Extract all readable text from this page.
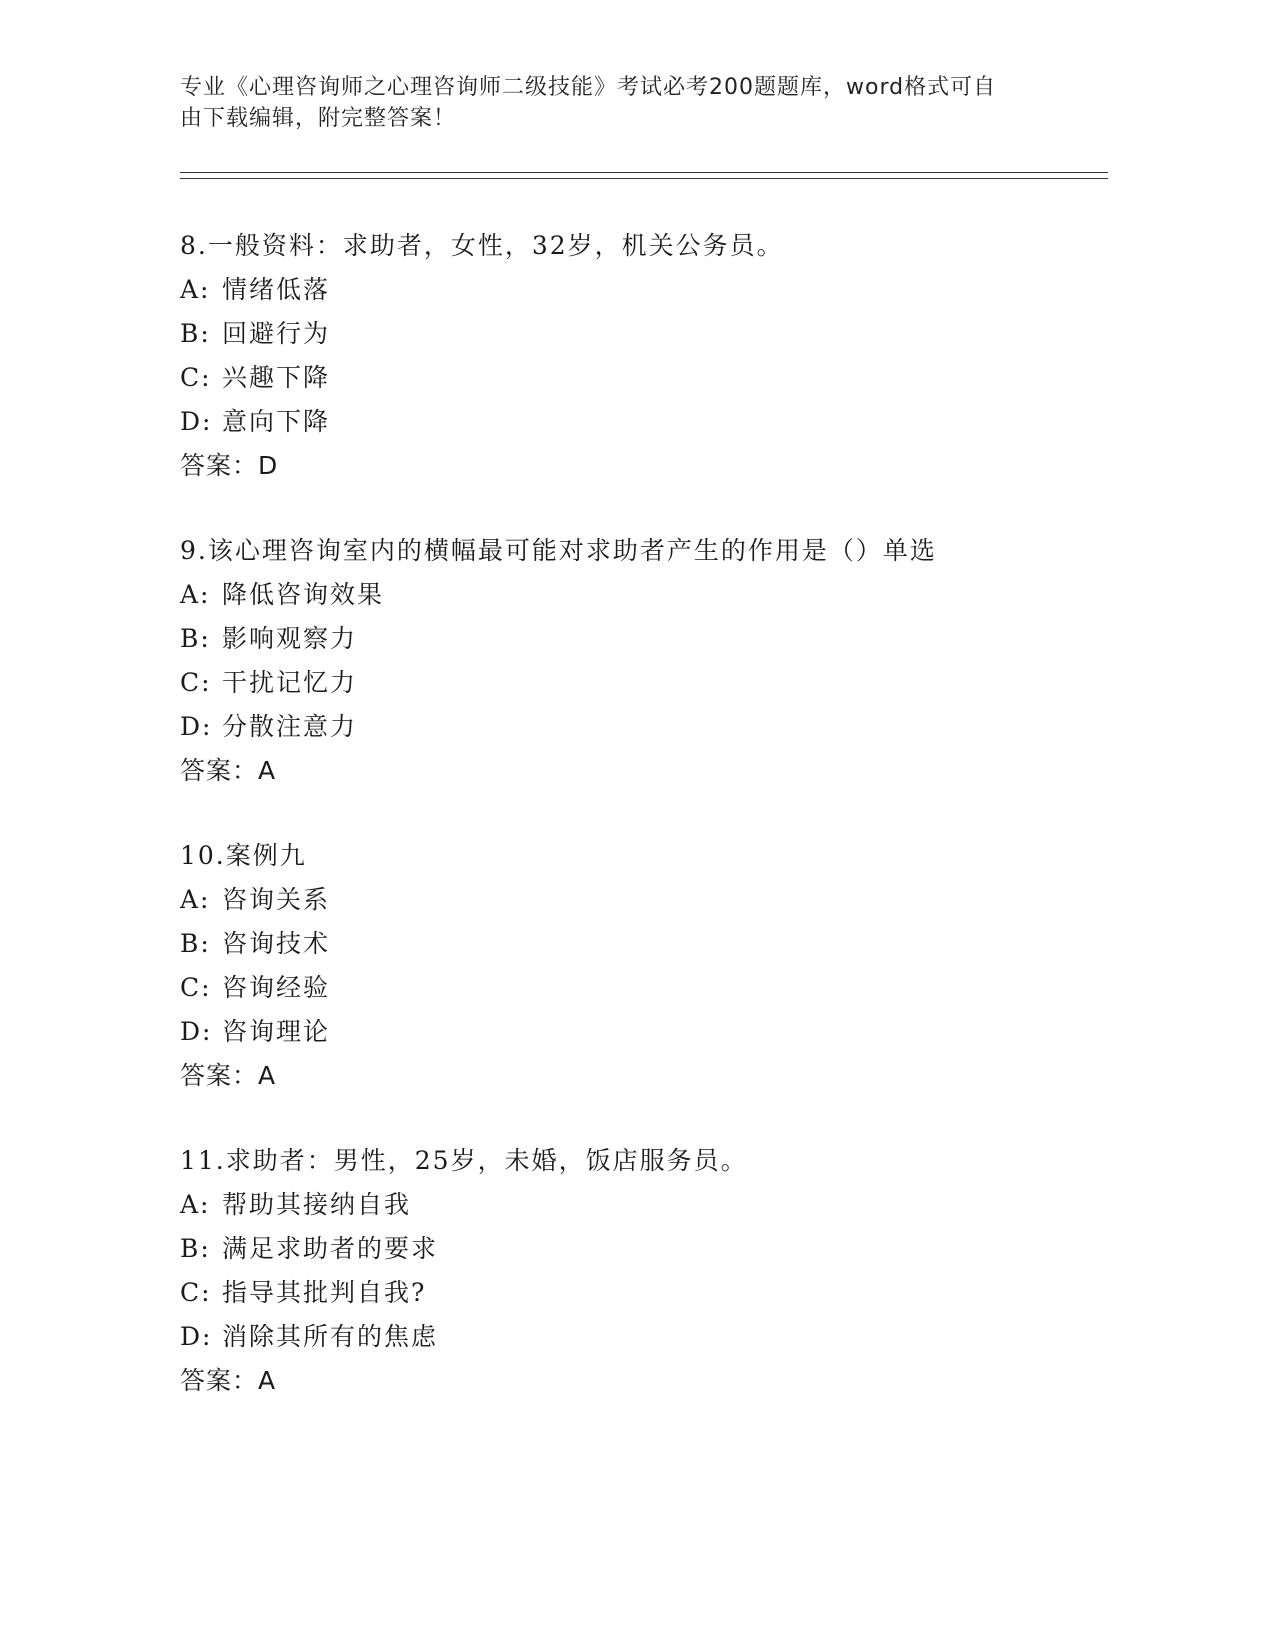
专业《心理咨询师之心理咨询师二级技能》考试必考200题题库，word格式可自
由下载编辑，附完整答案！
8.一般资料：求助者，女性，32岁，机关公务员。
A: 情绪低落
B: 回避行为
C: 兴趣下降
D: 意向下降
答案：D
9.该心理咨询室内的横幅最可能对求助者产生的作用是（）单选
A: 降低咨询效果
B: 影响观察力
C: 干扰记忆力
D: 分散注意力
答案：A
10.案例九
A: 咨询关系
B: 咨询技术
C: 咨询经验
D: 咨询理论
答案：A
11.求助者：男性，25岁，未婚，饭店服务员。
A: 帮助其接纳自我
B: 满足求助者的要求
C: 指导其批判自我?
D: 消除其所有的焦虑
答案：A
